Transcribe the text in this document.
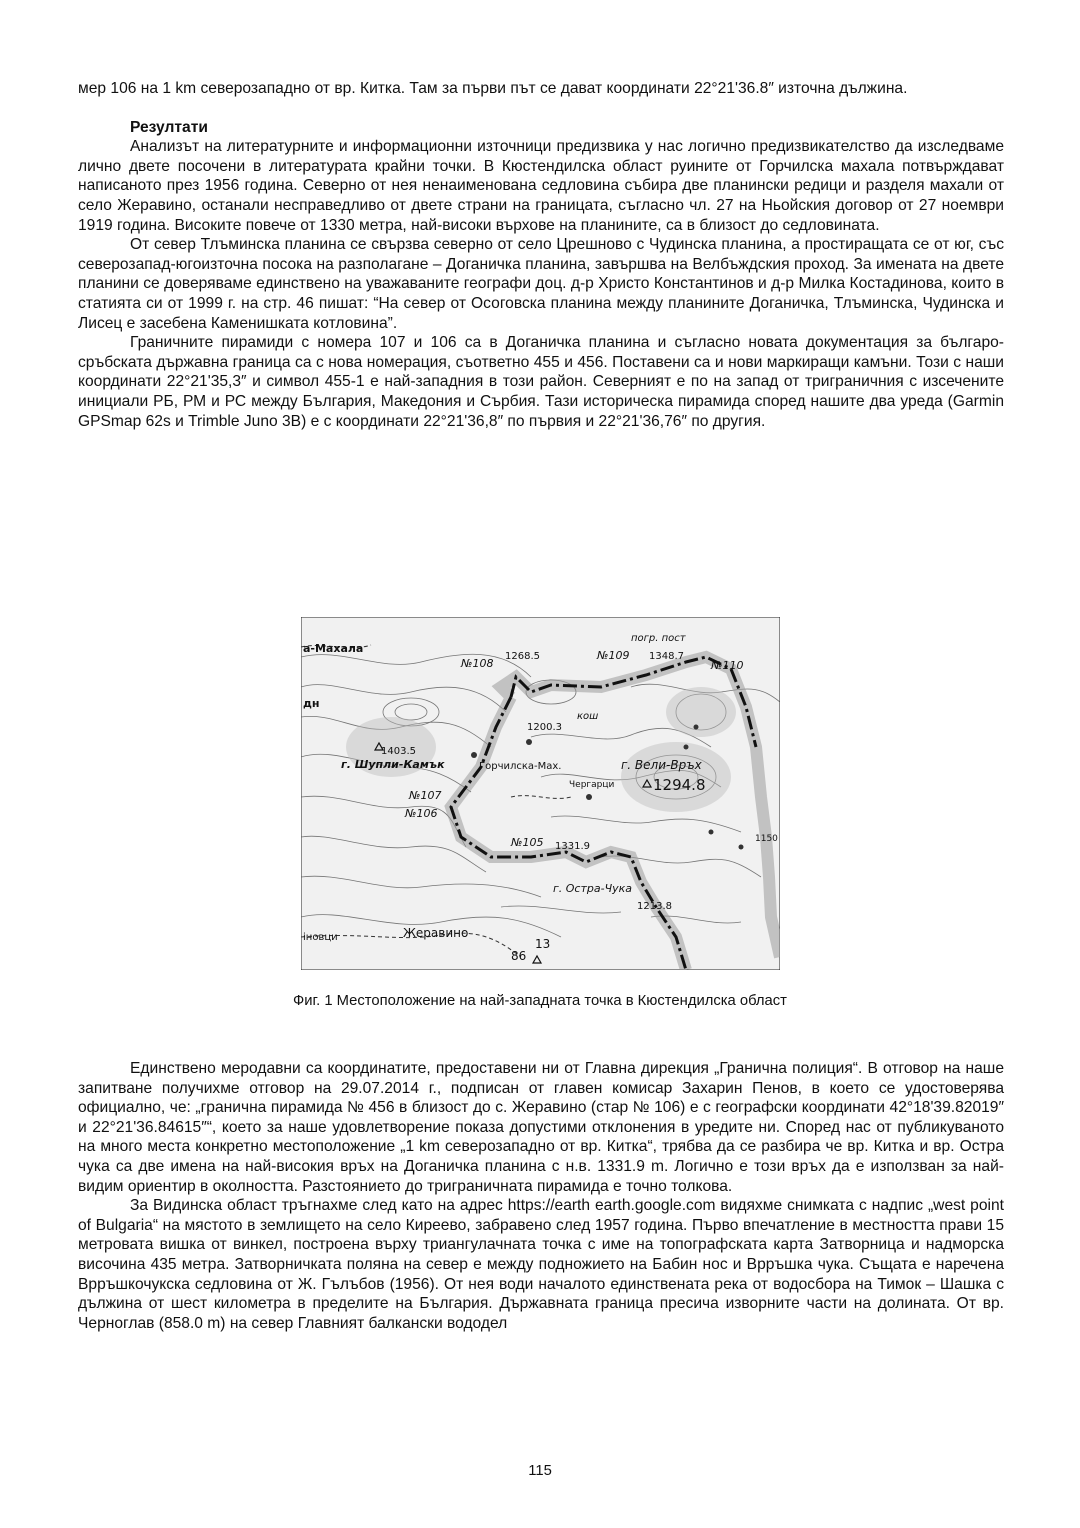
мер 106 на 1 km северозападно от вр. Китка. Там за първи път се дават координати 22°21'36.8″ източна дължина.

Резултати

Анализът на литературните и информационни източници предизвика у нас логично предизвикателство да изследваме лично двете посочени в литературата крайни точки. В Кюстендилска област руините от Горчилска махала потвърждават написаното през 1956 година. Северно от нея ненаименована седловина събира две планински редици и разделя махали от село Жеравино, останали несправедливо от двете страни на границата, съгласно чл. 27 на Ньойския договор от 27 ноември 1919 година. Високите повече от 1330 метра, най-високи върхове на планините, са в близост до седловината.

От север Тлъминска планина се свързва северно от село Црешново с Чудинска планина, а простиращата се от юг, със северозапад-югоизточна посока на разполагане – Доганичка планина, завършва на Велбъждския проход. За имената на двете планини се доверяваме единствено на уважаваните географи доц. д-р Христо Константинов и д-р Милка Костадинова, които в статията си от 1999 г. на стр. 46 пишат: “На север от Осоговска планина между планините Доганичка, Тлъминска, Чудинска и Лисец е засебена Каменишката котловина”.

Граничните пирамиди с номера 107 и 106 са в Доганичка планина и съгласно новата документация за българо-сръбската държавна граница са с нова номерация, съответно 455 и 456. Поставени са и нови маркиращи камъни. Този с наши координати 22°21'35,3″ и символ 455-1 е най-западния в този район. Северният е по на запад от триграничния с изсечените инициали РБ, РМ и РС между България, Македония и Сърбия. Тази историческа пирамида според нашите два уреда (Garmin GPSmap 62s и Trimble Juno 3B) е с координати 22°21'36,8″ по първия и 22°21'36,76″ по другия.

а-Махала
№108
1268.5
погр. пост
№109 1348.7
№110
1200.3
кош
1403.5
г. Шупли-Камък	Горчилска-Мах.	г. Вели-Връх
Чергарци	1294.8
№107
№106
№105 1331.9
г. Остра-Чука
1213.8
1150
іновци	Жеравино
13
86
дн
Фиг. 1 Местоположение на най-западната точка в Кюстендилска област

Единствено меродавни са координатите, предоставени ни от Главна дирекция „Гранична полиция“. В отговор на наше запитване получихме отговор на 29.07.2014 г., подписан от главен комисар Захарин Пенов, в което се удостоверява официално, че: „гранична пирамида № 456 в близост до с. Жеравино (стар № 106) е с географски координати 42°18'39.82019″ и 22°21'36.84615″“, което за наше удовлетворение показа допустими отклонения в уредите ни. Според нас от публикуваното на много места конкретно местоположение „1 km северозападно от вр. Китка“, трябва да се разбира че вр. Китка и вр. Остра чука са две имена на най-високия връх на Доганичка планина с н.в. 1331.9 m. Логично е този връх да е използван за най-видим ориентир в околността. Разстоянието до триграничната пирамида е точно толкова.

За Видинска област тръгнахме след като на адрес https://earth earth.google.com видяхме снимката с надпис „west point of Bulgaria“ на мястото в землището на село Киреево, забравено след 1957 година. Първо впечатление в местността прави 15 метровата вишка от винкел, построена върху триангулачната точка с име на топографската карта Затворница и надморска височина 435 метра. Затворничката поляна на север е между подножието на Бабин нос и Врръшка чука. Същата е наречена Врръшкочукска седловина от Ж. Гълъбов (1956). От нея води началото единствената река от водосбора на Тимок – Шашка с дължина от шест километра в пределите на България. Държавната граница пресича изворните части на долината. От вр. Черноглав (858.0 m) на север Главният балкански вододел

115
